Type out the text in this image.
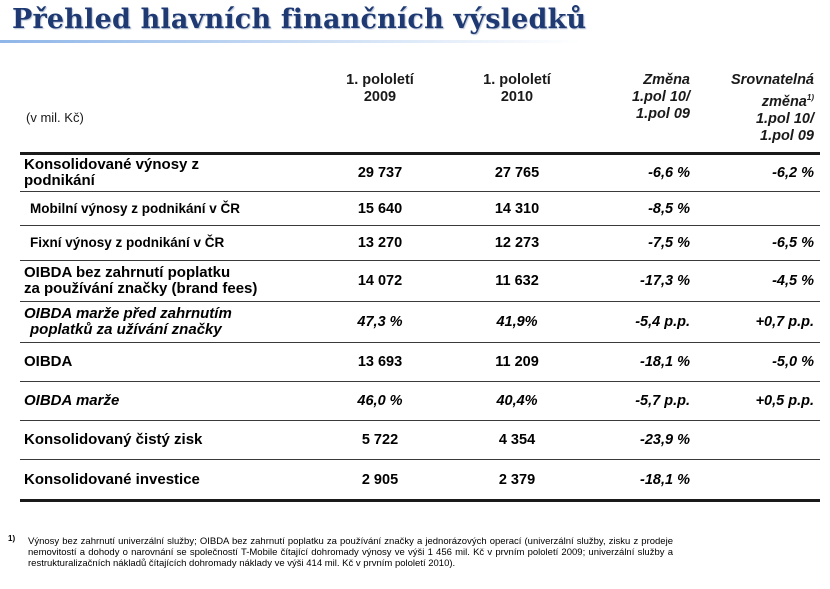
Přehled hlavních finančních výsledků
(v mil. Kč)
1. pololetí
2009
1. pololetí
2010
Změna
1.pol 10/
1.pol 09
Srovnatelná
změna$^{1)}$
1.pol 10/
1.pol 09
Konsolidované výnosy z
podnikání	29 737	27 765	-6,6 %	-6,2 %
Mobilní výnosy z podnikání v ČR	15 640	14 310	-8,5 %
Fixní výnosy z podnikání v ČR	13 270	12 273	-7,5 %	-6,5 %
OIBDA bez zahrnutí poplatku
za používání značky (brand fees)	14 072	11 632	-17,3 %	-4,5 %
OIBDA marže před zahrnutím
poplatků za užívání značky	47,3 %	41,9%	-5,4 p.p.	+0,7 p.p.
OIBDA	13 693	11 209	-18,1 %	-5,0 %
OIBDA marže	46,0 %	40,4%	-5,7 p.p.	+0,5 p.p.
Konsolidovaný čistý zisk	5 722	4 354	-23,9 %
Konsolidované investice	2 905	2 379	-18,1 %
1) Výnosy bez zahrnutí univerzální služby; OIBDA bez zahrnutí poplatku za používání značky a jednorázových operací (univerzální služby, zisku z prodeje nemovitostí a dohody o narovnání se společností T-Mobile čítající dohromady výnosy ve výši 1 456 mil. Kč v prvním pololetí 2009; univerzální služby a restrukturalizačních nákladů čítajících dohromady náklady ve výši 414 mil. Kč v prvním pololetí 2010).
